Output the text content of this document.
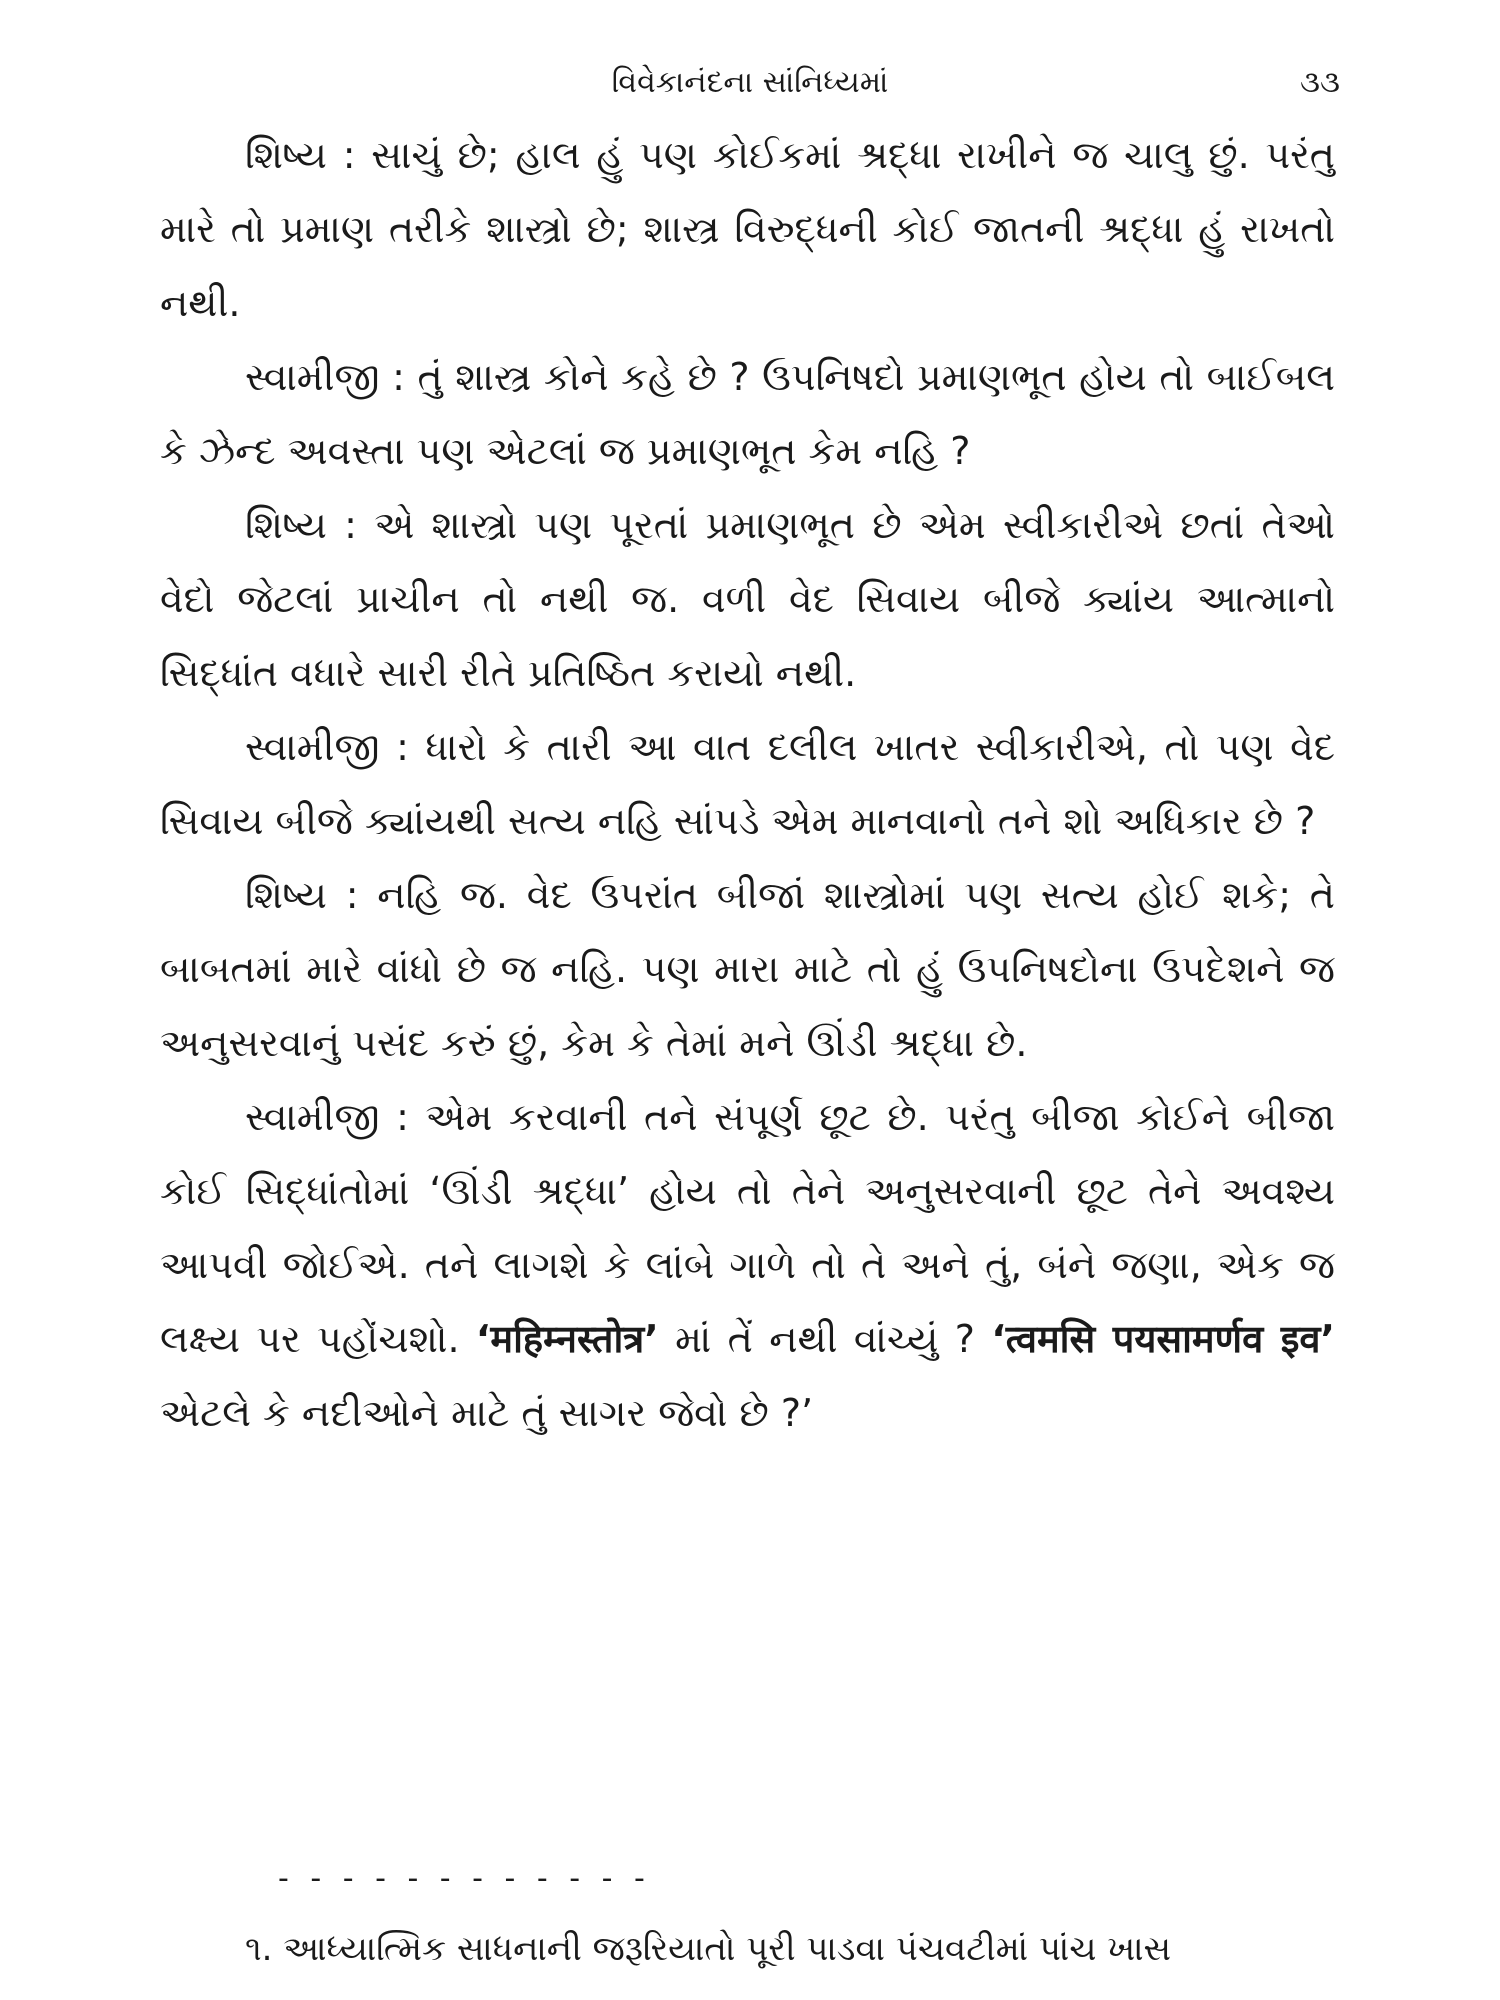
વિવેકાનંદના સાંનિધ્યમાં	૩૩

શિષ્ય : સાચું છે; હાલ હું પણ કોઈકમાં શ્રદ્ધા રાખીને જ ચાલુ છું. પરંતુ મારે તો પ્રમાણ તરીકે શાસ્ત્રો છે; શાસ્ત્ર વિરુદ્ધની કોઈ જાતની શ્રદ્ધા હું રાખતો નથી.

સ્વામીજી : તું શાસ્ત્ર કોને કહે છે ? ઉપનિષદો પ્રમાણભૂત હોય તો બાઈબલ કે ઝેન્દ અવસ્તા પણ એટલાં જ પ્રમાણભૂત કેમ નહિ ?

શિષ્ય : એ શાસ્ત્રો પણ પૂરતાં પ્રમાણભૂત છે એમ સ્વીકારીએ છતાં તેઓ વેદો જેટલાં પ્રાચીન તો નથી જ. વળી વેદ સિવાય બીજે ક્યાંય આત્માનો સિદ્ધાંત વધારે સારી રીતે પ્રતિષ્ઠિત કરાયો નથી.

સ્વામીજી : ધારો કે તારી આ વાત દલીલ ખાતર સ્વીકારીએ, તો પણ વેદ સિવાય બીજે ક્યાંયથી સત્ય નહિ સાંપડે એમ માનવાનો તને શો અધિકાર છે ?

શિષ્ય : નહિ જ. વેદ ઉપરાંત બીજાં શાસ્ત્રોમાં પણ સત્ય હોઈ શકે; તે બાબતમાં મારે વાંધો છે જ નહિ. પણ મારા માટે તો હું ઉપનિષદોના ઉપદેશને જ અનુસરવાનું પસંદ કરું છું, કેમ કે તેમાં મને ઊંડી શ્રદ્ધા છે.

સ્વામીજી : એમ કરવાની તને સંપૂર્ણ છૂટ છે. પરંતુ બીજા કોઈને બીજા કોઈ સિદ્ધાંતોમાં ‘ઊંડી શ્રદ્ધા’ હોય તો તેને અનુસરવાની છૂટ તેને અવશ્ય આપવી જોઈએ. તને લાગશે કે લાંબે ગાળે તો તે અને તું, બંને જણા, એક જ લક્ષ્ય પર પહોંચશો. ‘महिम्नस्तोत्र’ માં તેં નથી વાંચ્યું ? ‘त्वमसि पयसामर्णव इव’ એટલે કે નદીઓને માટે તું સાગર જેવો છે ?’

- - - - - - - - - - - -
૧. આધ્યાત્મિક સાધનાની જરૂરિયાતો પૂરી પાડવા પંચવટીમાં પાંચ ખાસ
